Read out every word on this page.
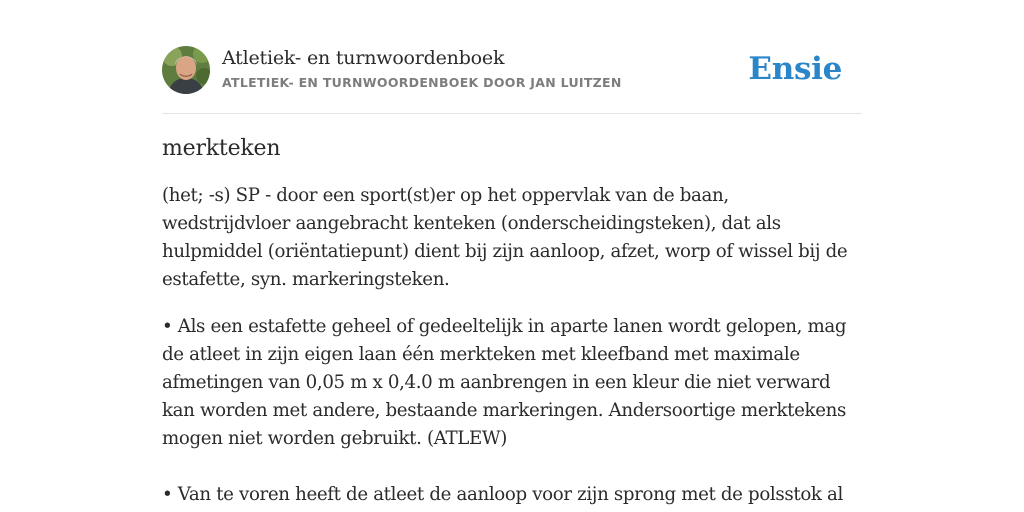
Atletiek- en turnwoordenboek
ATLETIEK- EN TURNWOORDENBOEK DOOR JAN LUITZEN	Ensie
merkteken

(het; -s) SP - door een sport(st)er op het oppervlak van de baan, wedstrijdvloer aangebracht kenteken (onderscheidingsteken), dat als hulpmiddel (oriëntatiepunt) dient bij zijn aanloop, afzet, worp of wissel bij de estafette, syn. markeringsteken.

• Als een estafette geheel of gedeeltelijk in aparte lanen wordt gelopen, mag de atleet in zijn eigen laan één merkteken met kleefband met maximale afmetingen van 0,05 m x 0,4.0 m aanbrengen in een kleur die niet verward kan worden met andere, bestaande markeringen. Andersoortige merktekens mogen niet worden gebruikt. (ATLEW)

• Van te voren heeft de atleet de aanloop voor zijn sprong met de polsstok al
